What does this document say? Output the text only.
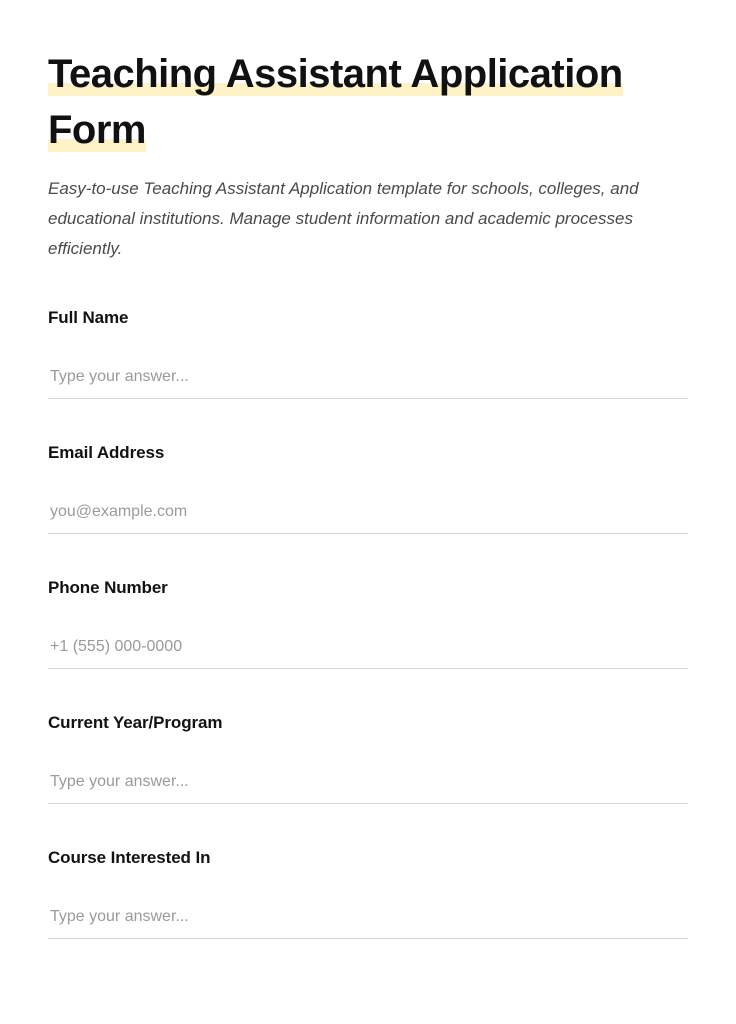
Teaching Assistant Application
Form

Easy-to-use Teaching Assistant Application template for schools, colleges, and educational institutions. Manage student information and academic processes efficiently.

Full Name
Type your answer...
Email Address
you@example.com
Phone Number
+1 (555) 000-0000
Current Year/Program
Type your answer...
Course Interested In
Type your answer...
